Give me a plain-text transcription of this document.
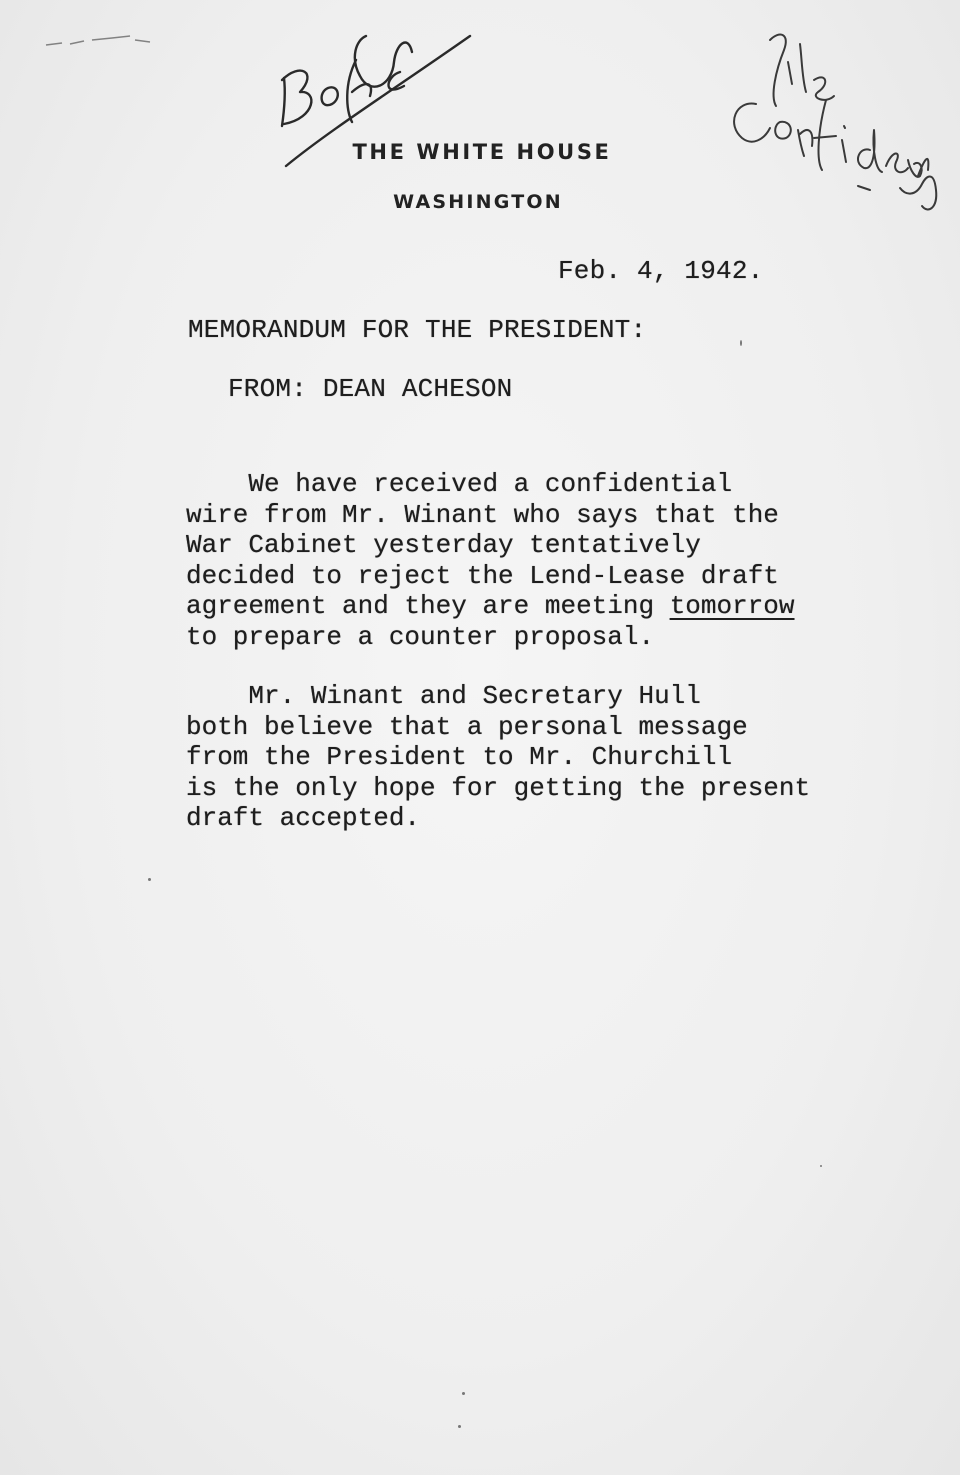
THE WHITE HOUSE
WASHINGTON
Feb. 4, 1942.
MEMORANDUM FOR THE PRESIDENT:
FROM: DEAN ACHESON
We have received a confidential
wire from Mr. Winant who says that the
War Cabinet yesterday tentatively
decided to reject the Lend-Lease draft
agreement and they are meeting tomorrow
to prepare a counter proposal.
Mr. Winant and Secretary Hull
both believe that a personal message
from the President to Mr. Churchill
is the only hope for getting the present
draft accepted.
